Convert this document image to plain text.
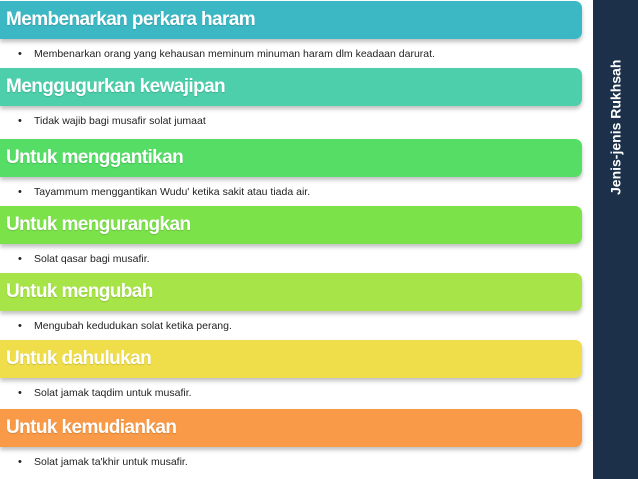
Membenarkan perkara haram
• Membenarkan orang yang kehausan meminum minuman haram dlm keadaan darurat.
Menggugurkan kewajipan
• Tidak wajib bagi musafir solat jumaat
Untuk menggantikan
• Tayammum menggantikan Wudu' ketika sakit atau tiada air.
Untuk mengurangkan
• Solat qasar bagi musafir.
Untuk mengubah
• Mengubah kedudukan solat ketika perang.
Untuk dahulukan
• Solat jamak taqdim untuk musafir.
Untuk kemudiankan
• Solat jamak ta'khir untuk musafir.
Jenis-jenis Rukhsah
